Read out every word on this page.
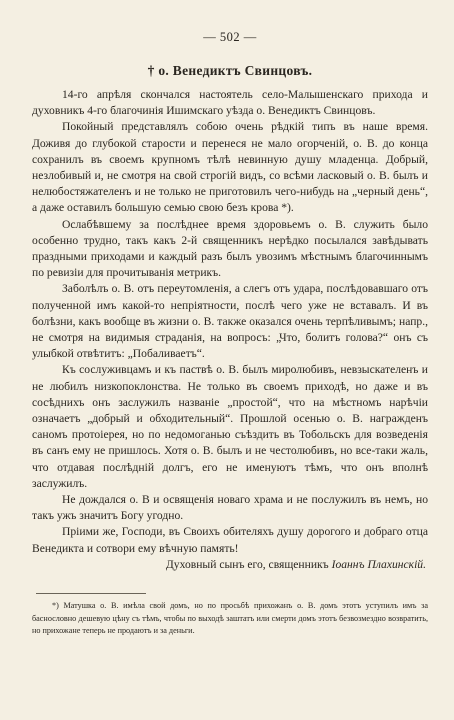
— 502 —
† о. Венедиктъ Свинцовъ.

14-го апрѣля скончался настоятель село-Малышенскаго прихода и духовникъ 4-го благочинія Ишимскаго уѣзда о. Венедиктъ Свинцовъ.

Покойный представлялъ собою очень рѣдкій типъ въ наше время. Доживя до глубокой старости и перенеся не мало огорченій, о. В. до конца сохранилъ въ своемъ крупномъ тѣлѣ невинную душу младенца. Добрый, незлобивый и, не смотря на свой строгій видъ, со всѣми ласковый о. В. былъ и нелюбостяжателенъ и не только не приготовилъ чего-нибудь на „черный день“, а даже оставилъ большую семью свою безъ крова *).

Ослабѣвшему за послѣднее время здоровьемъ о. В. служить было особенно трудно, такъ какъ 2-й священникъ нерѣдко посылался завѣдывать праздными приходами и каждый разъ былъ увозимъ мѣстнымъ благочиннымъ по ревизіи для прочитыванія метрикъ.

Заболѣлъ о. В. отъ переутомленія, а слегъ отъ удара, послѣдовавшаго отъ полученной имъ какой-то непріятности, послѣ чего уже не вставалъ. И въ болѣзни, какъ вообще въ жизни о. В. также оказался очень терпѣливымъ; напр., не смотря на видимыя страданія, на вопросъ: „Что, болитъ голова?“ онъ съ улыбкой отвѣтитъ: „Побаливаетъ“.

Къ сослуживцамъ и къ паствѣ о. В. былъ миролюбивъ, невзыскателенъ и не любилъ низкопоклонства. Не только въ своемъ приходѣ, но даже и въ сосѣднихъ онъ заслужилъ названіе „простой“, что на мѣстномъ нарѣчіи означаетъ „добрый и обходительный“. Прошлой осенью о. В. награжденъ саномъ протоіерея, но по недомоганью съѣздить въ Тобольскъ для возведенія въ санъ ему не пришлось. Хотя о. В. былъ и не честолюбивъ, но все-таки жаль, что отдавая послѣдній долгъ, его не именуютъ тѣмъ, что онъ вполнѣ заслужилъ.

Не дождался о. В и освященія новаго храма и не послужилъ въ немъ, но такъ ужъ значитъ Богу угодно.

Пріими же, Господи, въ Своихъ обителяхъ душу дорогого и добраго отца Венедикта и сотвори ему вѣчную память!

Духовный сынъ его, священникъ Іоаннъ Плахинскій.

*) Матушка о. В. имѣла свой домъ, но по просьбѣ прихожанъ о. В. домъ этотъ уступилъ имъ за баснословно дешевую цѣну съ тѣмъ, чтобы по выходѣ заштатъ или смерти домъ этотъ безвозмездно возвратить, но прихожане теперь не продаютъ и за деньги.
